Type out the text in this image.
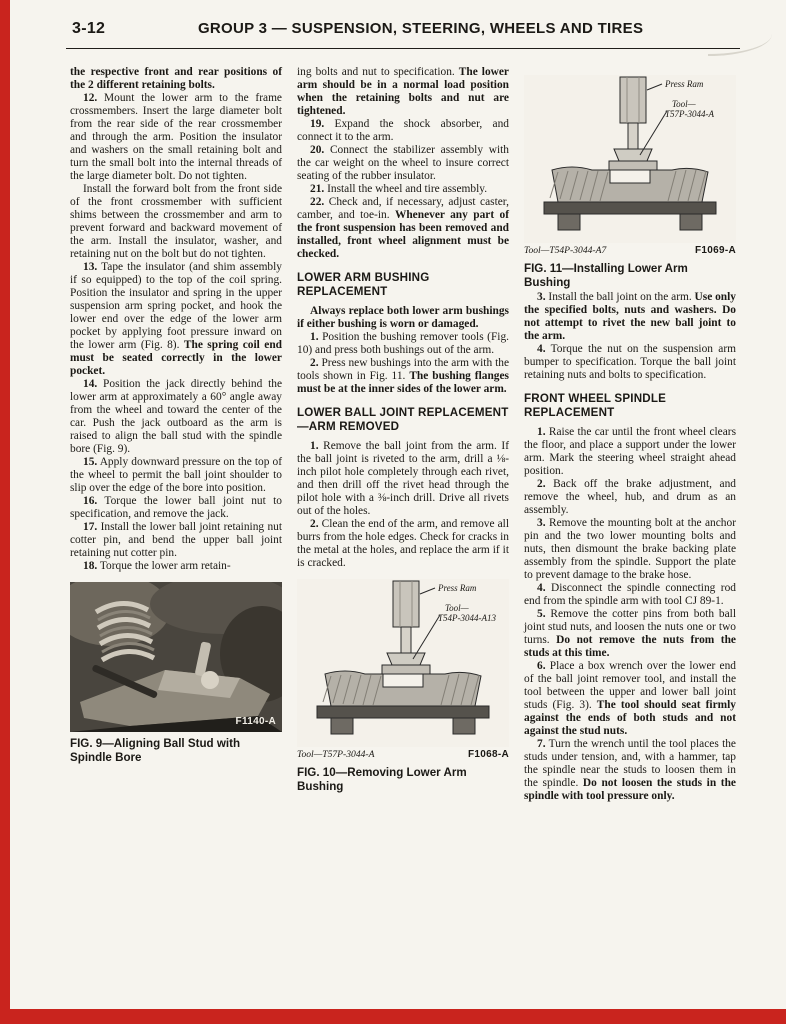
3-12	GROUP 3 — SUSPENSION, STEERING, WHEELS AND TIRES

the respective front and rear positions of the 2 different retaining bolts.

12. Mount the lower arm to the frame crossmembers. Insert the large diameter bolt from the rear side of the rear crossmember and through the arm. Position the insulator and washers on the small retaining bolt and turn the small bolt into the internal threads of the large diameter bolt. Do not tighten.

Install the forward bolt from the front side of the front crossmember with sufficient shims between the crossmember and arm to prevent forward and backward movement of the arm. Install the insulator, washer, and retaining nut on the bolt but do not tighten.

13. Tape the insulator (and shim assembly if so equipped) to the top of the coil spring. Position the insulator and spring in the upper suspension arm spring pocket, and hook the lower end over the edge of the lower arm pocket by applying foot pressure inward on the lower arm (Fig. 8). The spring coil end must be seated correctly in the lower pocket.

14. Position the jack directly behind the lower arm at approximately a 60° angle away from the wheel and toward the center of the car. Push the jack outboard as the arm is raised to align the ball stud with the spindle bore (Fig. 9).

15. Apply downward pressure on the top of the wheel to permit the ball joint shoulder to slip over the edge of the bore into position.

16. Torque the lower ball joint nut to specification, and remove the jack.

17. Install the lower ball joint retaining nut cotter pin, and bend the upper ball joint retaining nut cotter pin.

18. Torque the lower arm retain-

F1140-A
FIG. 9—Aligning Ball Stud with Spindle Bore

ing bolts and nut to specification. The lower arm should be in a normal load position when the retaining bolts and nut are tightened.

19. Expand the shock absorber, and connect it to the arm.

20. Connect the stabilizer assembly with the car weight on the wheel to insure correct seating of the rubber insulator.

21. Install the wheel and tire assembly.

22. Check and, if necessary, adjust caster, camber, and toe-in. Whenever any part of the front suspension has been removed and installed, front wheel alignment must be checked.

LOWER ARM BUSHING REPLACEMENT

Always replace both lower arm bushings if either bushing is worn or damaged.

1. Position the bushing remover tools (Fig. 10) and press both bushings out of the arm.

2. Press new bushings into the arm with the tools shown in Fig. 11. The bushing flanges must be at the inner sides of the lower arm.

LOWER BALL JOINT REPLACEMENT—ARM REMOVED

1. Remove the ball joint from the arm. If the ball joint is riveted to the arm, drill a ⅛-inch pilot hole completely through each rivet, and then drill off the rivet head through the pilot hole with a ⅜-inch drill. Drive all rivets out of the holes.

2. Clean the end of the arm, and remove all burrs from the hole edges. Check for cracks in the metal at the holes, and replace the arm if it is cracked.

Press Ram
Tool—
T54P-3044-A13
Tool—T57P-3044-A	F1068-A
FIG. 10—Removing Lower Arm Bushing
Press Ram
Tool—
T57P-3044-A
Tool—T54P-3044-A7	F1069-A
FIG. 11—Installing Lower Arm Bushing

3. Install the ball joint on the arm. Use only the specified bolts, nuts and washers. Do not attempt to rivet the new ball joint to the arm.

4. Torque the nut on the suspension arm bumper to specification. Torque the ball joint retaining nuts and bolts to specification.

FRONT WHEEL SPINDLE REPLACEMENT

1. Raise the car until the front wheel clears the floor, and place a support under the lower arm. Mark the steering wheel straight ahead position.

2. Back off the brake adjustment, and remove the wheel, hub, and drum as an assembly.

3. Remove the mounting bolt at the anchor pin and the two lower mounting bolts and nuts, then dismount the brake backing plate assembly from the spindle. Support the plate to prevent damage to the brake hose.

4. Disconnect the spindle connecting rod end from the spindle arm with tool CJ 89-1.

5. Remove the cotter pins from both ball joint stud nuts, and loosen the nuts one or two turns. Do not remove the nuts from the studs at this time.

6. Place a box wrench over the lower end of the ball joint remover tool, and install the tool between the upper and lower ball joint studs (Fig. 3). The tool should seat firmly against the ends of both studs and not against the stud nuts.

7. Turn the wrench until the tool places the studs under tension, and, with a hammer, tap the spindle near the studs to loosen them in the spindle. Do not loosen the studs in the spindle with tool pressure only.
